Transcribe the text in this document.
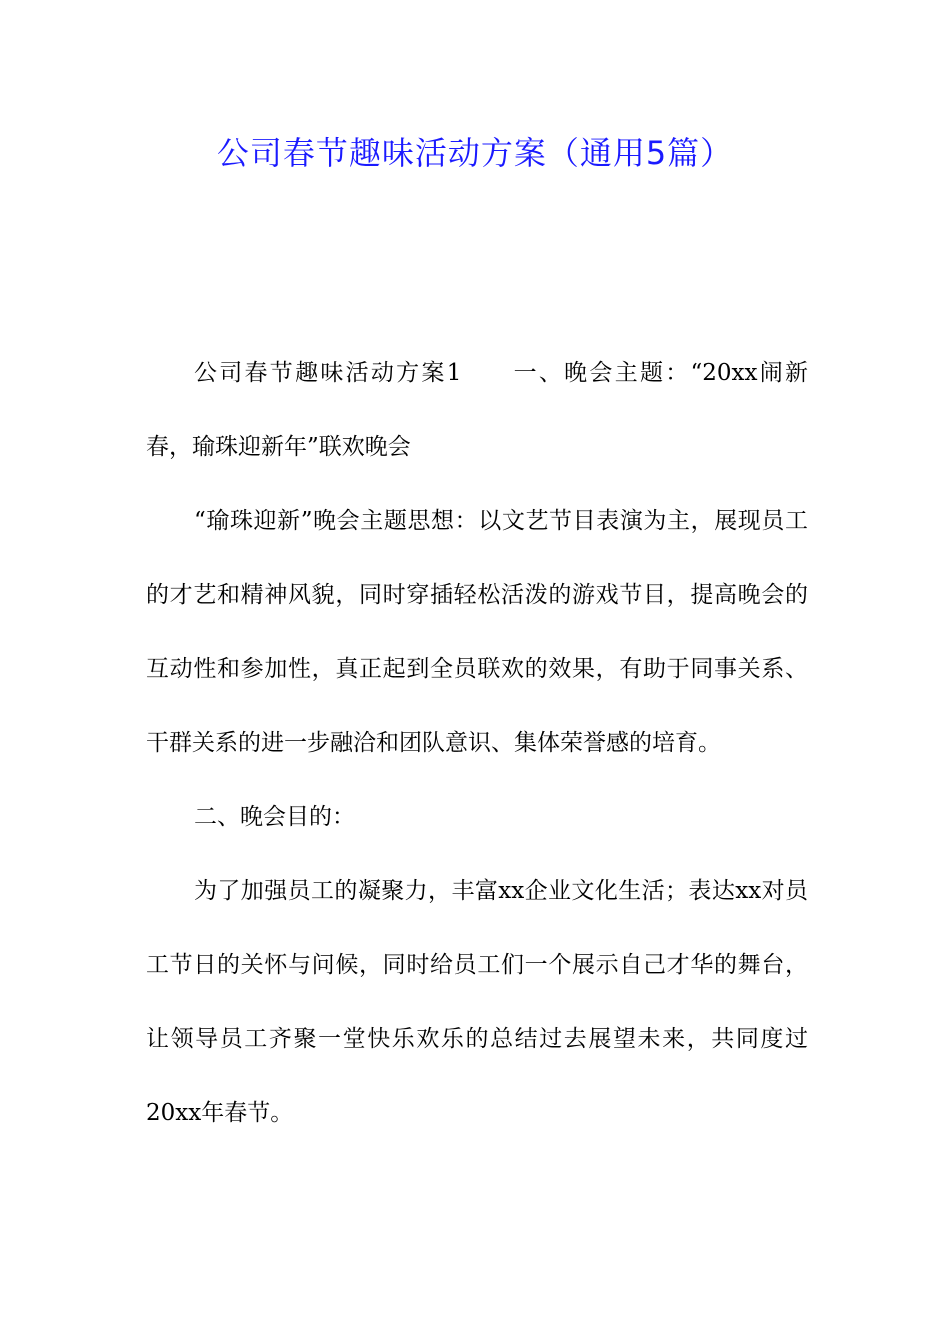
公司春节趣味活动方案（通用5篇）

公司春节趣味活动方案1 一、晚会主题：“20xx闹新春，瑜珠迎新年”联欢晚会

“瑜珠迎新”晚会主题思想：以文艺节目表演为主，展现员工的才艺和精神风貌，同时穿插轻松活泼的游戏节目，提高晚会的互动性和参加性，真正起到全员联欢的效果，有助于同事关系、干群关系的进一步融洽和团队意识、集体荣誉感的培育。

二、晚会目的：

为了加强员工的凝聚力，丰富xx企业文化生活；表达xx对员工节日的关怀与问候，同时给员工们一个展示自己才华的舞台，让领导员工齐聚一堂快乐欢乐的总结过去展望未来，共同度过20xx年春节。
